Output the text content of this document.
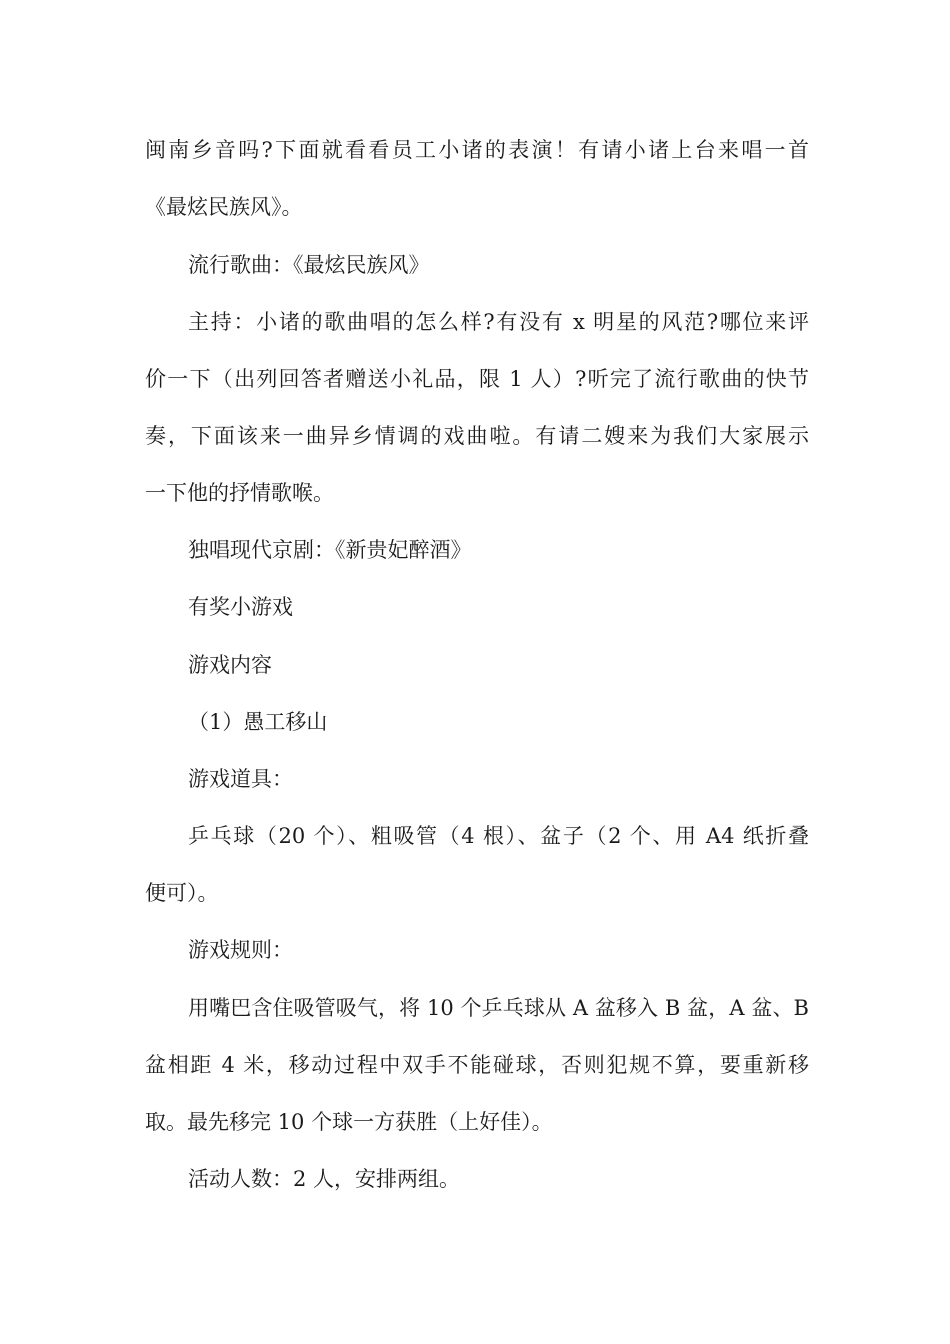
闽南乡音吗?下面就看看员工小诸的表演！有请小诸上台来唱一首
《最炫民族风》。
流行歌曲：《最炫民族风》
主持：小诸的歌曲唱的怎么样?有没有 x 明星的风范?哪位来评
价一下（出列回答者赠送小礼品，限 1 人）?听完了流行歌曲的快节
奏，下面该来一曲异乡情调的戏曲啦。有请二嫂来为我们大家展示
一下他的抒情歌喉。
独唱现代京剧：《新贵妃醉酒》
有奖小游戏
游戏内容
（1）愚工移山
游戏道具：
乒乓球（20 个）、粗吸管（4 根）、盆子（2 个、用 A4 纸折叠
便可）。
游戏规则：
用嘴巴含住吸管吸气，将 10 个乒乓球从 A 盆移入 B 盆，A 盆、B
盆相距 4 米，移动过程中双手不能碰球，否则犯规不算，要重新移
取。最先移完 10 个球一方获胜（上好佳）。
活动人数：2 人，安排两组。
